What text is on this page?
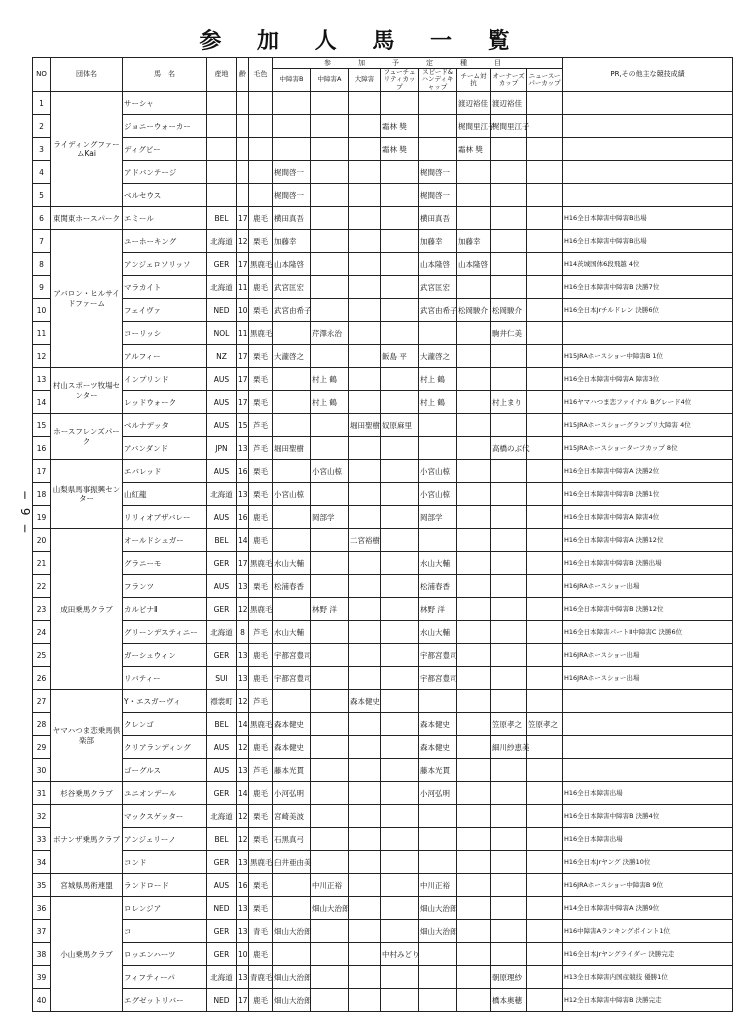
参 加 人 馬 一 覧
− 9 −
NO	団体名	馬　名	産地	齢	毛色	参　加　予　定　種　目								PR,その他主な競技成績
						中障害B	中障害A	大障害	フューチュリティカップ	スピード&ハンディキャップ	チーム対抗	オーナーズカップ	ニュースーパーカップ	
1	ライディングファームKai	サーシャ									渡辺裕佳	渡辺裕佳		
2		ジョニーウォーカー							霜林 獎		梶間里江子	梶間里江子		
3		ディグビー							霜林 獎		霜林 獎			
4		アドバンテージ				梶間啓一				梶間啓一				
5		ベルセウス				梶間啓一				梶間啓一				
6	東関東ホースパーク	エミール	BEL	17	鹿毛	横田真吾				横田真吾				H16全日本障害中障害B出場
7	アバロン・ヒルサイドファーム	ユーホーキング	北海道	12	栗毛	加藤幸				加藤幸	加藤幸			H16全日本障害中障害B出場
8		アンジェロソリッソ	GER	17	黒鹿毛	山本隆啓				山本隆啓	山本隆啓			H14茨城国体6段飛越 4位
9		マラカイト	北海道	11	鹿毛	武宮匡宏				武宮匡宏				H16全日本障害中障害B 決勝7位
10		フェイヴァ	NED	10	栗毛	武宮由希子				武宮由希子	松岡駿介	松岡駿介		H16全日本Jrチルドレン 決勝6位
11		コーリッシ	NOL	11	黒鹿毛		芹澤永治					駒井仁美		
12		アルフィー	NZ	17	栗毛	大瀧啓之			飯島 平	大瀧啓之				H15JRAホースショー中障害B 1位
13	村山スポーツ牧場センター	インプリンド	AUS	17	栗毛		村上 鶴			村上 鶴				H16全日本障害中障害A 障害3位
14		レッドウォーク	AUS	17	栗毛		村上 鶴			村上 鶴		村上まり		H16ヤマハつま恋ファイナル Bグレード4位
15	ホースフレンズパーク	ベルナデッタ	AUS	15	芦毛			堀田聖樹	奴原麻里					H15JRAホースショーグランプリ大障害 4位
16		アバンダンド	JPN	13	芦毛	堀田聖樹						高橋のぶ代		H15JRAホースショーターフカップ 8位
17	山梨県馬事振興センター	エバレッド	AUS	16	栗毛		小宮山椋			小宮山椋				H16全日本障害中障害A 決勝2位
18		山紅龍	北海道	13	栗毛	小宮山椋				小宮山椋				H16全日本障害中障害B 決勝1位
19		リリィオブザバレー	AUS	16	鹿毛		岡部学			岡部学				H16全日本障害中障害A 障害4位
20	成田乗馬クラブ	オールドシュガー	BEL	14	鹿毛			二宮裕樹						H16全日本障害中障害A 決勝12位
21		グラニーモ	GER	17	黒鹿毛	水山大輔				水山大輔				H16全日本障害中障害B 決勝出場
22		フランツ	AUS	13	栗毛	松浦春香				松浦春香				H16JRAホースショー出場
23		カルピナⅡ	GER	12	黒鹿毛		林野 洋			林野 洋				H16全日本障害中障害B 決勝12位
24		グリーンデスティニー	北海道	8	芦毛	水山大輔				水山大輔				H16全日本障害パートⅡ中障害C 決勝6位
25		ガーシュウィン	GER	13	鹿毛	宇都宮豊司				宇都宮豊司				H16JRAホースショー出場
26		リバティー	SUI	13	鹿毛	宇都宮豊司				宇都宮豊司				H16JRAホースショー出場
27	ヤマハつま恋乗馬倶楽部	Y・エスガーヴィ	襟裳町	12	芦毛			森本健史						
28		クレンゴ	BEL	14	黒鹿毛	森本健史				森本健史		笠原孝之	笠原孝之	
29		クリアランディング	AUS	12	鹿毛	森本健史				森本健史		細川紗恵美		
30		ゴーグルス	AUS	13	芦毛	藤本光貫				藤本光貫				
31	杉谷乗馬クラブ	ユニオンデール	GER	14	鹿毛	小河弘明				小河弘明				H16全日本障害出場
32	ボナンザ乗馬クラブ	マックスゲッター	北海道	12	栗毛	宮崎美波								H16全日本障害中障害B 決勝4位
33		アンジェリーノ	BEL	12	栗毛	石黒真弓								H16全日本障害出場
34		コンド	GER	13	黒鹿毛	臼井亜由美								H16全日本Jrヤング 決勝10位
35	宮城県馬術連盟	ランドロード	AUS	16	栗毛		中川正裕			中川正裕				H16JRAホースショー中障害B 9位
36	小山乗馬クラブ	ロレンジア	NED	13	栗毛		畑山大治郎			畑山大治郎				H14全日本障害中障害A 決勝9位
37		コ	GER	13	青毛	畑山大治郎				畑山大治郎				H16中障害Aランキングポイント1位
38		ロッエンハーツ	GER	10	鹿毛				中村みどり					H16全日本Jrヤングライダー 決勝完走
39		フィフティーパ	北海道	13	青鹿毛	畑山大治郎						朝原理紗		H13全日本障害内国産競技 優勝1位
40		エグゼットリバー	NED	17	鹿毛	畑山大治郎						橋本奥穂		H12全日本障害中障害B 決勝完走
